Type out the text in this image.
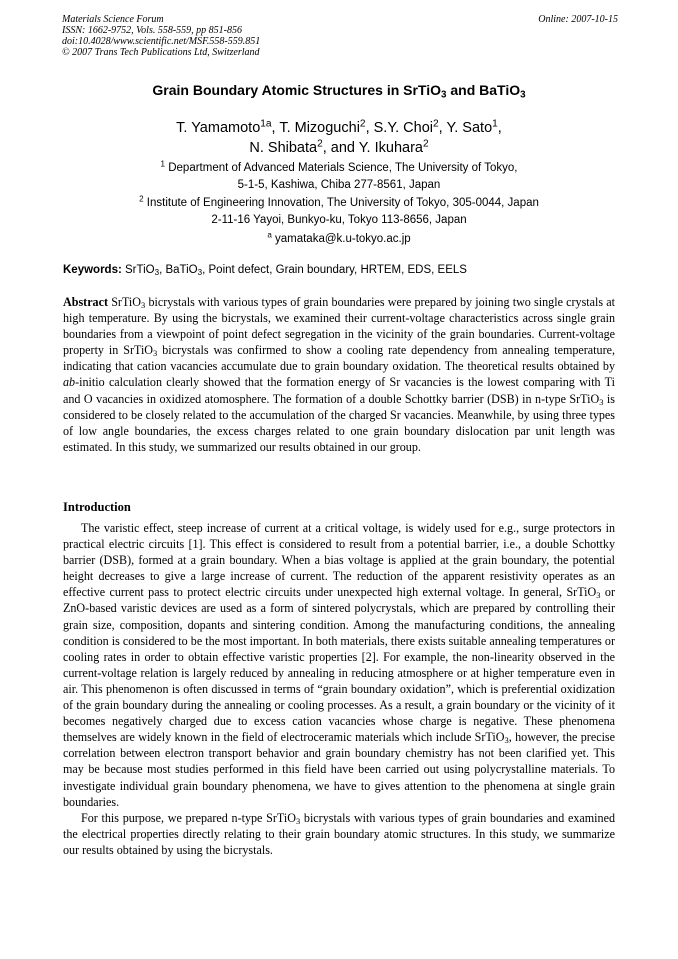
Materials Science Forum
ISSN: 1662-9752, Vols. 558-559, pp 851-856
doi:10.4028/www.scientific.net/MSF.558-559.851
© 2007 Trans Tech Publications Ltd, Switzerland
Online: 2007-10-15
Grain Boundary Atomic Structures in SrTiO$_3$ and BaTiO$_3$
T. Yamamoto$^{1a}$, T. Mizoguchi$^2$, S.Y. Choi$^2$, Y. Sato$^1$,
N. Shibata$^2$, and Y. Ikuhara$^2$
$^1$ Department of Advanced Materials Science, The University of Tokyo,
5-1-5, Kashiwa, Chiba 277-8561, Japan
$^2$ Institute of Engineering Innovation, The University of Tokyo, 305-0044, Japan
2-11-16 Yayoi, Bunkyo-ku, Tokyo 113-8656, Japan
$^a$ yamataka@k.u-tokyo.ac.jp
Keywords: SrTiO$_3$, BaTiO$_3$, Point defect, Grain boundary, HRTEM, EDS, EELS
Abstract SrTiO$_3$ bicrystals with various types of grain boundaries were prepared by joining two single crystals at high temperature. By using the bicrystals, we examined their current-voltage characteristics across single grain boundaries from a viewpoint of point defect segregation in the vicinity of the grain boundaries. Current-voltage property in SrTiO$_3$ bicrystals was confirmed to show a cooling rate dependency from annealing temperature, indicating that cation vacancies accumulate due to grain boundary oxidation. The theoretical results obtained by ab-initio calculation clearly showed that the formation energy of Sr vacancies is the lowest comparing with Ti and O vacancies in oxidized atomosphere. The formation of a double Schottky barrier (DSB) in n-type SrTiO$_3$ is considered to be closely related to the accumulation of the charged Sr vacancies. Meanwhile, by using three types of low angle boundaries, the excess charges related to one grain boundary dislocation par unit length was estimated. In this study, we summarized our results obtained in our group.
Introduction

The varistic effect, steep increase of current at a critical voltage, is widely used for e.g., surge protectors in practical electric circuits [1]. This effect is considered to result from a potential barrier, i.e., a double Schottky barrier (DSB), formed at a grain boundary. When a bias voltage is applied at the grain boundary, the potential height decreases to give a large increase of current. The reduction of the apparent resistivity operates as an effective current pass to protect electric circuits under unexpected high external voltage. In general, SrTiO$_3$ or ZnO-based varistic devices are used as a form of sintered polycrystals, which are prepared by controlling their grain size, composition, dopants and sintering condition. Among the manufacturing conditions, the annealing condition is considered to be the most important. In both materials, there exists suitable annealing temperatures or cooling rates in order to obtain effective varistic properties [2]. For example, the non-linearity observed in the current-voltage relation is largely reduced by annealing in reducing atmosphere or at higher temperature even in air. This phenomenon is often discussed in terms of “grain boundary oxidation”, which is preferential oxidization of the grain boundary during the annealing or cooling processes. As a result, a grain boundary or the vicinity of it becomes negatively charged due to excess cation vacancies whose charge is negative. These phenomena themselves are widely known in the field of electroceramic materials which include SrTiO$_3$, however, the precise correlation between electron transport behavior and grain boundary chemistry has not been clarified yet. This may be because most studies performed in this field have been carried out using polycrystalline materials. To investigate individual grain boundary phenomena, we have to gives attention to the phenomena at single grain boundaries.

For this purpose, we prepared n-type SrTiO$_3$ bicrystals with various types of grain boundaries and examined the electrical properties directly relating to their grain boundary atomic structures. In this study, we summarize our results obtained by using the bicrystals.
